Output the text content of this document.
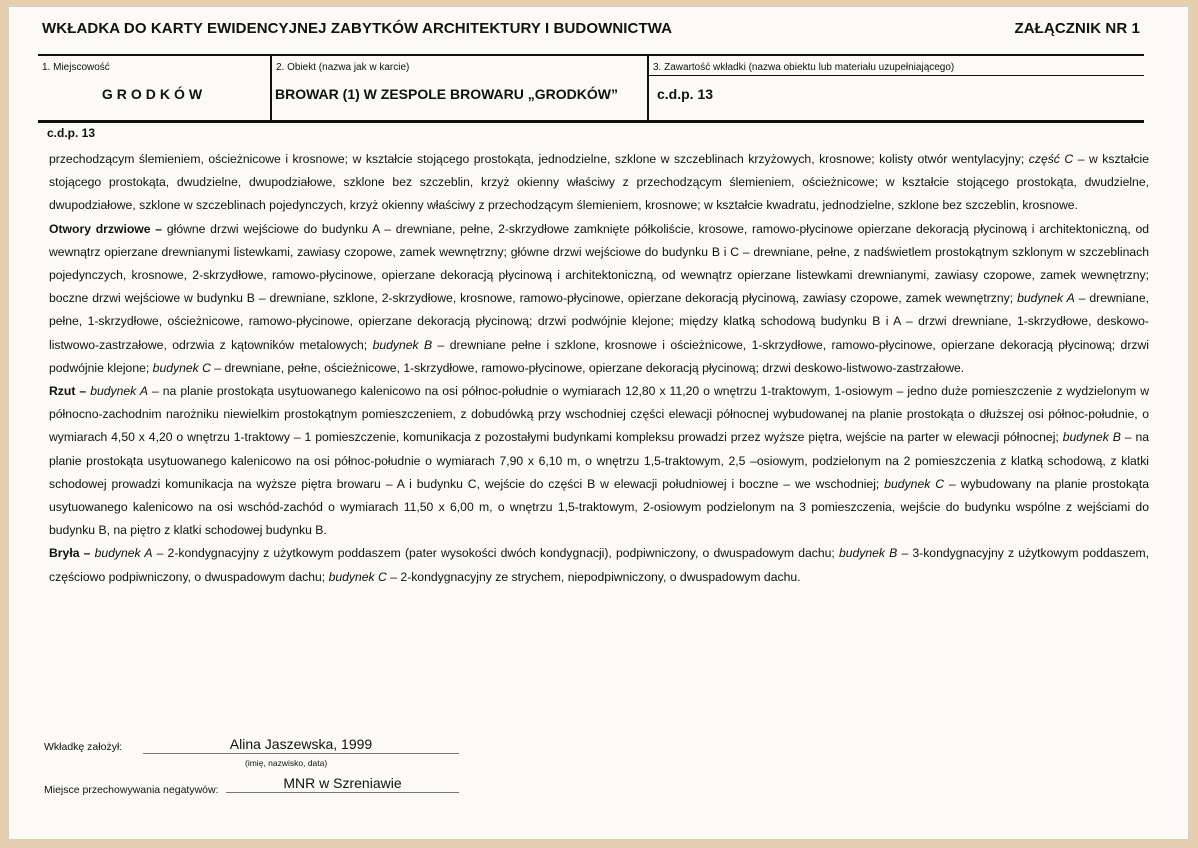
WKŁADKA DO KARTY EWIDENCYJNEJ ZABYTKÓW ARCHITEKTURY I BUDOWNICTWA	ZAŁĄCZNIK NR 1
1. Miejscowość
GRODKÓW
2. Obiekt (nazwa jak w karcie)
BROWAR (1) W ZESPOLE BROWARU „GRODKÓW”
3. Zawartość wkładki (nazwa obiektu lub materiału uzupełniającego)
c.d.p. 13
c.d.p. 13

przechodzącym ślemieniem, ościeżnicowe i krosnowe; w kształcie stojącego prostokąta, jednodzielne, szklone w szczeblinach krzyżowych, krosnowe; kolisty otwór wentylacyjny; część C – w kształcie stojącego prostokąta, dwudzielne, dwupodziałowe, szklone bez szczeblin, krzyż okienny właściwy z przechodzącym ślemieniem, ościeżnicowe; w kształcie stojącego prostokąta, dwudzielne, dwupodziałowe, szklone w szczeblinach pojedynczych, krzyż okienny właściwy z przechodzącym ślemieniem, krosnowe; w kształcie kwadratu, jednodzielne, szklone bez szczeblin, krosnowe.

Otwory drzwiowe – główne drzwi wejściowe do budynku A – drewniane, pełne, 2-skrzydłowe zamknięte półkoliście, krosowe, ramowo-płycinowe opierzane dekoracją płycinową i architektoniczną, od wewnątrz opierzane drewnianymi listewkami, zawiasy czopowe, zamek wewnętrzny; główne drzwi wejściowe do budynku B i C – drewniane, pełne, z nadświetlem prostokątnym szklonym w szczeblinach pojedynczych, krosnowe, 2-skrzydłowe, ramowo-płycinowe, opierzane dekoracją płycinową i architektoniczną, od wewnątrz opierzane listewkami drewnianymi, zawiasy czopowe, zamek wewnętrzny; boczne drzwi wejściowe w budynku B – drewniane, szklone, 2-skrzydłowe, krosnowe, ramowo-płycinowe, opierzane dekoracją płycinową, zawiasy czopowe, zamek wewnętrzny; budynek A – drewniane, pełne, 1-skrzydłowe, ościeżnicowe, ramowo-płycinowe, opierzane dekoracją płycinową; drzwi podwójnie klejone; między klatką schodową budynku B i A – drzwi drewniane, 1-skrzydłowe, deskowo-listwowo-zastrzałowe, odrzwia z kątowników metalowych; budynek B – drewniane pełne i szklone, krosnowe i ościeżnicowe, 1-skrzydłowe, ramowo-płycinowe, opierzane dekoracją płycinową; drzwi podwójnie klejone; budynek C – drewniane, pełne, ościeżnicowe, 1-skrzydłowe, ramowo-płycinowe, opierzane dekoracją płycinową; drzwi deskowo-listwowo-zastrzałowe.

Rzut – budynek A – na planie prostokąta usytuowanego kalenicowo na osi północ-południe o wymiarach 12,80 x 11,20 o wnętrzu 1-traktowym, 1-osiowym – jedno duże pomieszczenie z wydzielonym w północno-zachodnim narożniku niewielkim prostokątnym pomieszczeniem, z dobudówką przy wschodniej części elewacji północnej wybudowanej na planie prostokąta o dłuższej osi północ-południe, o wymiarach 4,50 x 4,20 o wnętrzu 1-traktowy – 1 pomieszczenie, komunikacja z pozostałymi budynkami kompleksu prowadzi przez wyższe piętra, wejście na parter w elewacji północnej; budynek B – na planie prostokąta usytuowanego kalenicowo na osi północ-południe o wymiarach 7,90 x 6,10 m, o wnętrzu 1,5-traktowym, 2,5 –osiowym, podzielonym na 2 pomieszczenia z klatką schodową, z klatki schodowej prowadzi komunikacja na wyższe piętra browaru – A i budynku C, wejście do części B w elewacji południowej i boczne – we wschodniej; budynek C – wybudowany na planie prostokąta usytuowanego kalenicowo na osi wschód-zachód o wymiarach 11,50 x 6,00 m, o wnętrzu 1,5-traktowym, 2-osiowym podzielonym na 3 pomieszczenia, wejście do budynku wspólne z wejściami do budynku B, na piętro z klatki schodowej budynku B.

Bryła – budynek A – 2-kondygnacyjny z użytkowym poddaszem (pater wysokości dwóch kondygnacji), podpiwniczony, o dwuspadowym dachu; budynek B – 3-kondygnacyjny z użytkowym poddaszem, częściowo podpiwniczony, o dwuspadowym dachu; budynek C – 2-kondygnacyjny ze strychem, niepodpiwniczony, o dwuspadowym dachu.

Wkładkę założył:	Alina Jaszewska, 1999
(imię, nazwisko, data)
Miejsce przechowywania negatywów:	MNR w Szreniawie
